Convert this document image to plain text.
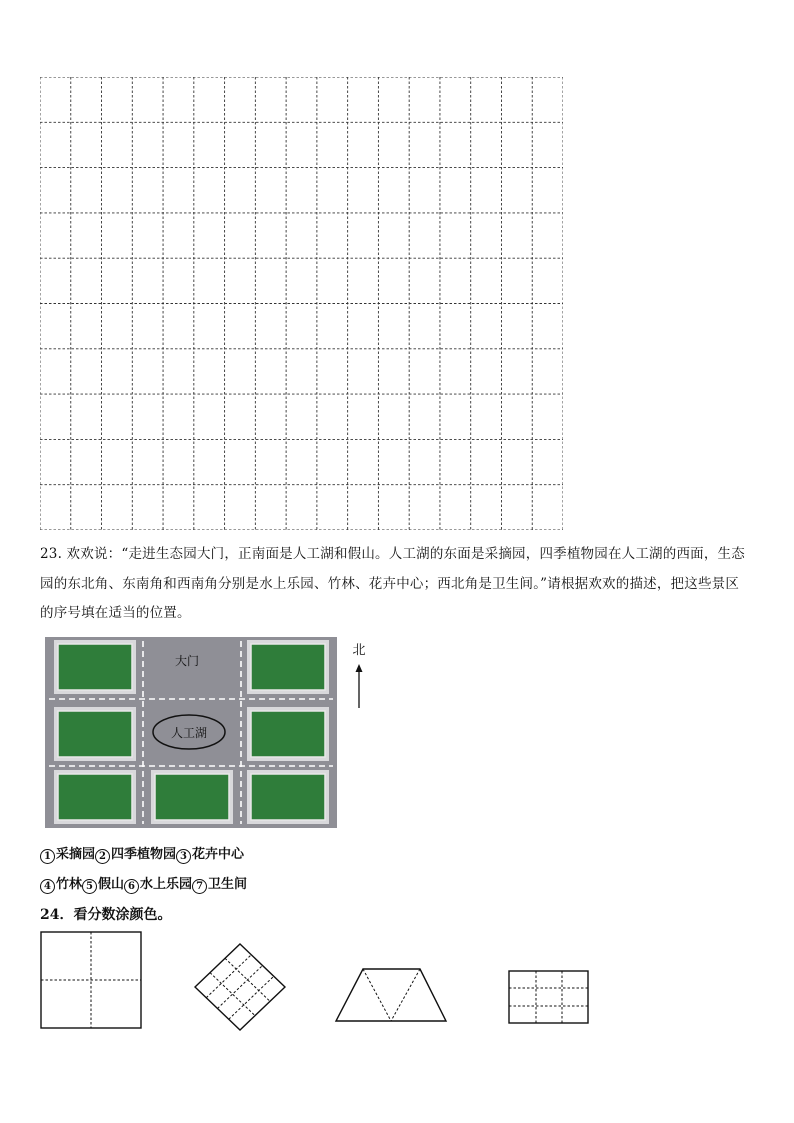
23. 欢欢说：“走进生态园大门，正南面是人工湖和假山。人工湖的东面是采摘园，四季植物园在人工湖的西面，生态
园的东北角、东南角和西南角分别是水上乐园、竹林、花卉中心；西北角是卫生间。”请根据欢欢的描述，把这些景区
的序号填在适当的位置。
大门
人工湖
北
1 采摘园 2 四季植物园 3 花卉中心
4 竹林 5 假山 6 水上乐园 7 卫生间
24．看分数涂颜色。
